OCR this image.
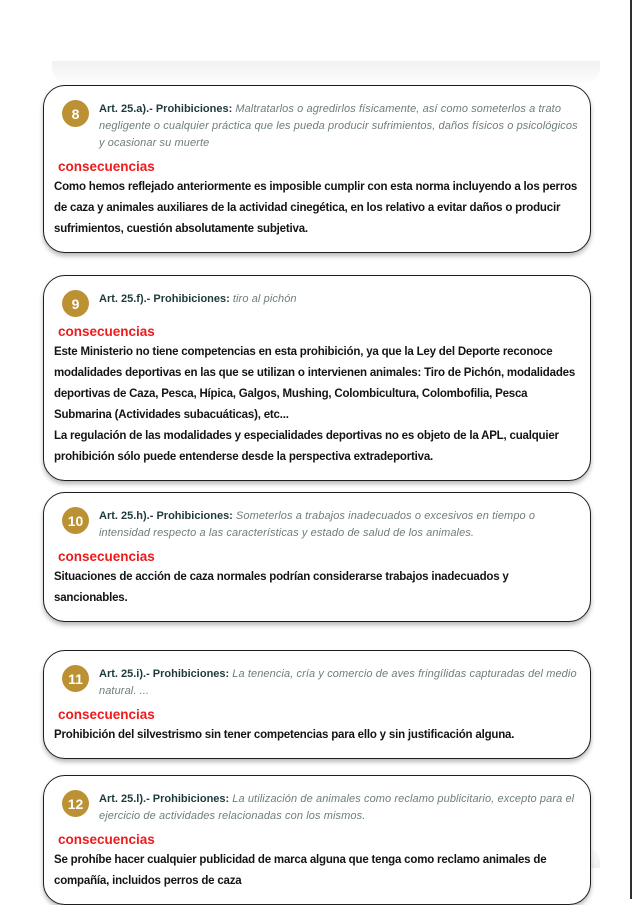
8	Art. 25.a).- Prohibiciones: Maltratarlos o agredirlos físicamente, así como someterlos a trato negligente o cualquier práctica que les pueda producir sufrimientos, daños físicos o psicológicos y ocasionar su muerte

consecuencias

Como hemos reflejado anteriormente es imposible cumplir con esta norma incluyendo a los perros de caza y animales auxiliares de la actividad cinegética, en los relativo a evitar daños o producir sufrimientos, cuestión absolutamente subjetiva.

9	Art. 25.f).- Prohibiciones: tiro al pichón

consecuencias

Este Ministerio no tiene competencias en esta prohibición, ya que la Ley del Deporte reconoce modalidades deportivas en las que se utilizan o intervienen animales: Tiro de Pichón, modalidades deportivas de Caza, Pesca, Hípica, Galgos, Mushing, Colombicultura, Colombofilia, Pesca Submarina (Actividades subacuáticas), etc...

La regulación de las modalidades y especialidades deportivas no es objeto de la APL, cualquier prohibición sólo puede entenderse desde la perspectiva extradeportiva.

10	Art. 25.h).- Prohibiciones: Someterlos a trabajos inadecuados o excesivos en tiempo o intensidad respecto a las características y estado de salud de los animales.

consecuencias

Situaciones de acción de caza normales podrían considerarse trabajos inadecuados y sancionables.

11	Art. 25.i).- Prohibiciones: La tenencia, cría y comercio de aves fringílidas capturadas del medio natural. ...

consecuencias

Prohibición del silvestrismo sin tener competencias para ello y sin justificación alguna.

12	Art. 25.l).- Prohibiciones: La utilización de animales como reclamo publicitario, excepto para el ejercicio de actividades relacionadas con los mismos.

consecuencias

Se prohíbe hacer cualquier publicidad de marca alguna que tenga como reclamo animales de compañía, incluidos perros de caza
